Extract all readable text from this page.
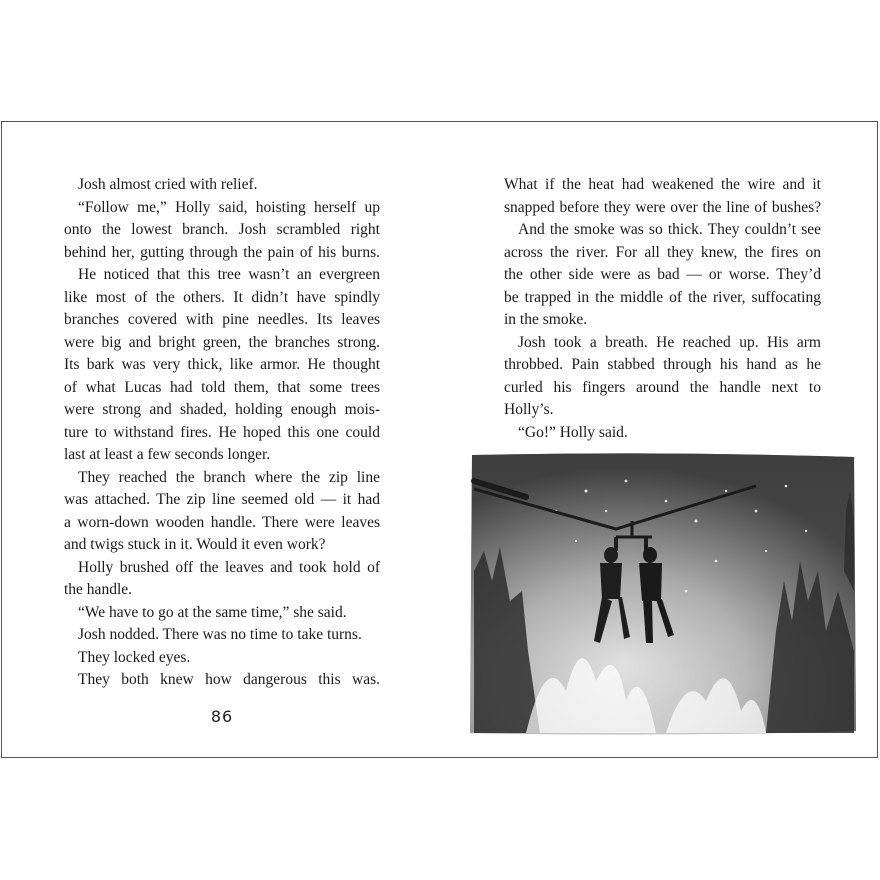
Josh almost cried with relief.
“Follow me,” Holly said, hoisting herself up
onto the lowest branch. Josh scrambled right
behind her, gutting through the pain of his burns.
He noticed that this tree wasn’t an evergreen
like most of the others. It didn’t have spindly
branches covered with pine needles. Its leaves
were big and bright green, the branches strong.
Its bark was very thick, like armor. He thought
of what Lucas had told them, that some trees
were strong and shaded, holding enough mois-
ture to withstand fires. He hoped this one could
last at least a few seconds longer.
They reached the branch where the zip line
was attached. The zip line seemed old — it had
a worn-down wooden handle. There were leaves
and twigs stuck in it. Would it even work?
Holly brushed off the leaves and took hold of
the handle.
“We have to go at the same time,” she said.
Josh nodded. There was no time to take turns.
They locked eyes.
They both knew how dangerous this was.
86
What if the heat had weakened the wire and it
snapped before they were over the line of bushes?
And the smoke was so thick. They couldn’t see
across the river. For all they knew, the fires on
the other side were as bad — or worse. They’d
be trapped in the middle of the river, suffocating
in the smoke.
Josh took a breath. He reached up. His arm
throbbed. Pain stabbed through his hand as he
curled his fingers around the handle next to
Holly’s.
“Go!” Holly said.
